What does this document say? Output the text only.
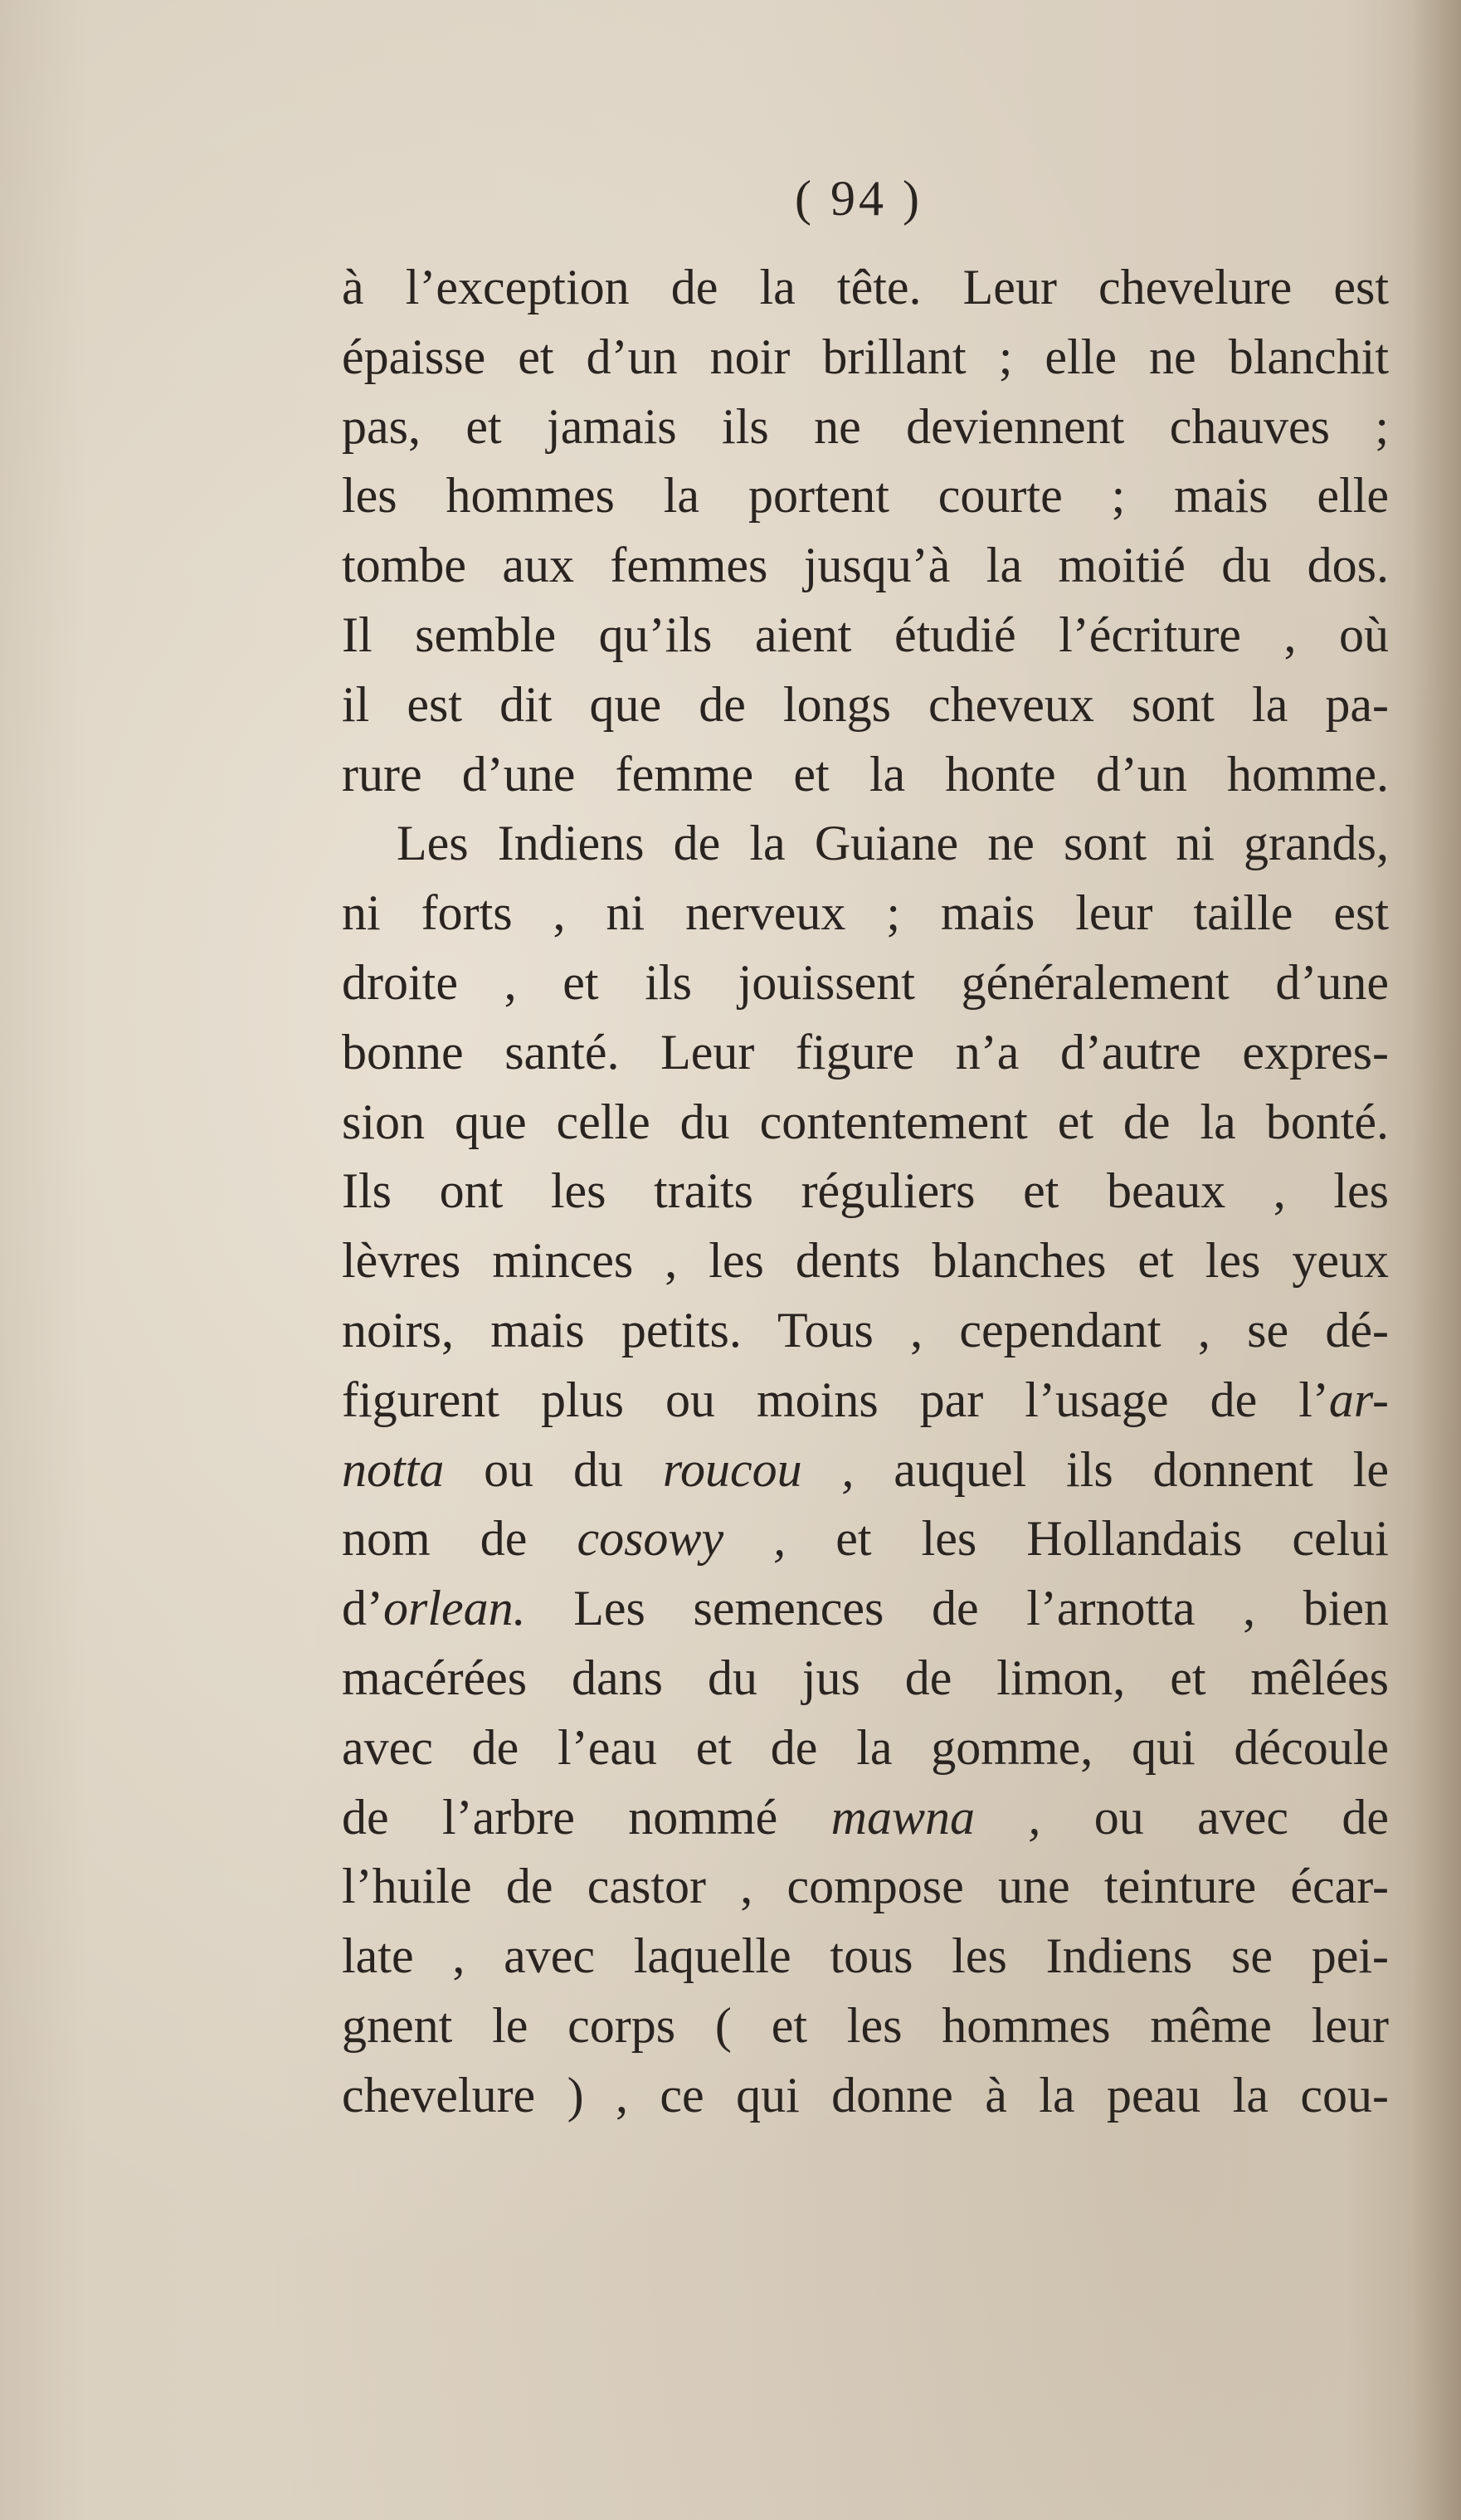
( 94 )
à l’exception de la tête. Leur chevelure est
épaisse et d’un noir brillant ; elle ne blanchit
pas, et jamais ils ne deviennent chauves ;
les hommes la portent courte ; mais elle
tombe aux femmes jusqu’à la moitié du dos.
Il semble qu’ils aient étudié l’écriture , où
il est dit que de longs cheveux sont la pa-
rure d’une femme et la honte d’un homme.
Les Indiens de la Guiane ne sont ni grands,
ni forts , ni nerveux ; mais leur taille est
droite , et ils jouissent généralement d’une
bonne santé. Leur figure n’a d’autre expres-
sion que celle du contentement et de la bonté.
Ils ont les traits réguliers et beaux , les
lèvres minces , les dents blanches et les yeux
noirs, mais petits. Tous , cependant , se dé-
figurent plus ou moins par l’usage de l’ar-
notta ou du roucou , auquel ils donnent le
nom de cosowy , et les Hollandais celui
d’orlean. Les semences de l’arnotta , bien
macérées dans du jus de limon, et mêlées
avec de l’eau et de la gomme, qui découle
de l’arbre nommé mawna , ou avec de
l’huile de castor , compose une teinture écar-
late , avec laquelle tous les Indiens se pei-
gnent le corps ( et les hommes même leur
chevelure ) , ce qui donne à la peau la cou-
